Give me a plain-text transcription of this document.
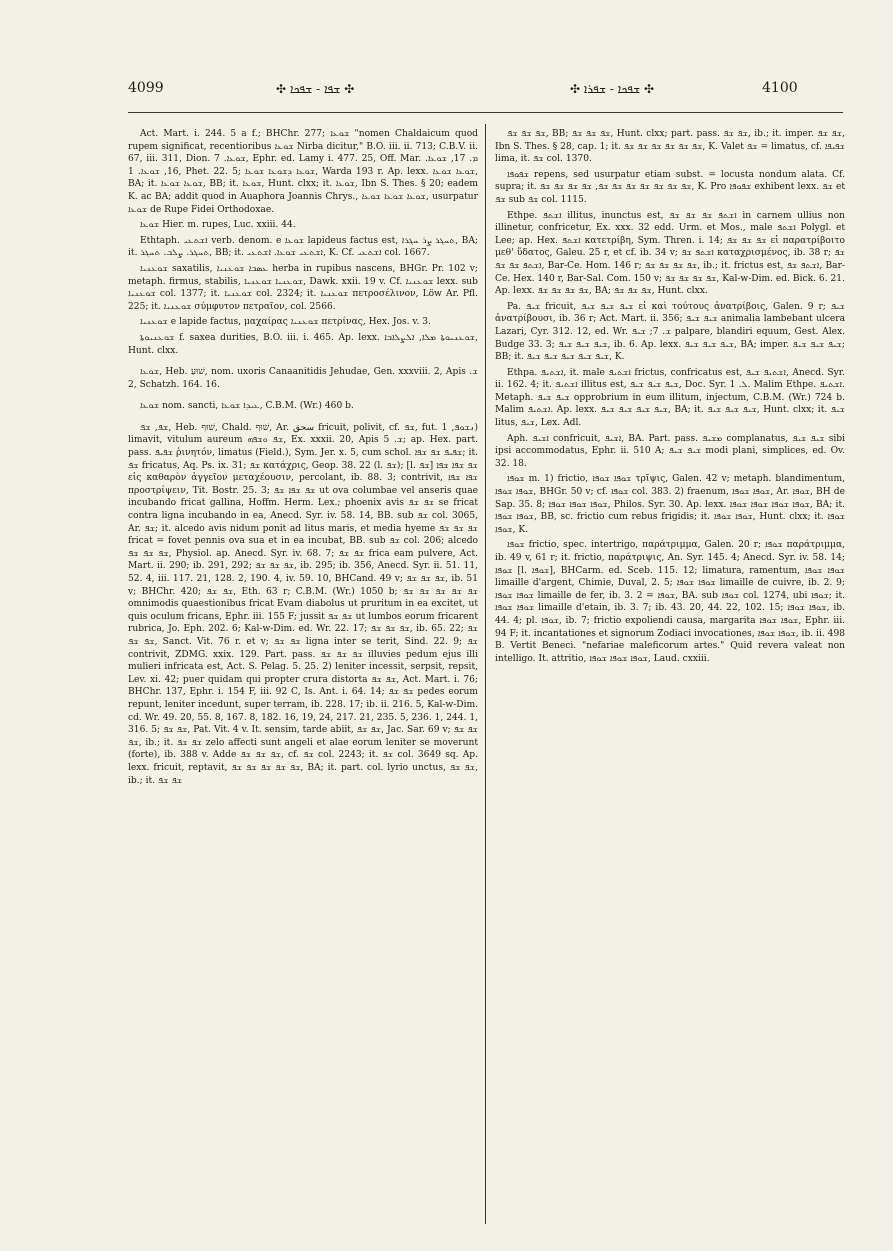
4099	✣ ܫܦܐ - ܫܦܟܐ ✣	✣ ܫܦܟܐ - ܫܦܪܐ ✣	4100

Act. Mart. i. 244. 5 a f.; BHChr. 277; ܫܘܥܐ "nomen Chaldaicum quod rupem significat, recentioribus ܫܘܥܐ Nirba dicitur," B.O. iii. ii. 713; C.B.V. ii. 67, iii. 311, Dion. ܫܘܥܐ. 7, Ephr. ed. Lamy i. 477. 25, Off. Mar. ܡ. 17, ܫܘܥܐ. 16, ܫܘܥܐ. 1, Phet. 22. 5; ܫܘܥܐ ܕܫܘܥܐ ܫܘܥܐ, Warda 193 r. Ap. lexx. ܫܘܥܐ ܫܘܥܐ, BA; it. ܫܘܥܐ ܫܘܥܐ, BB; it. ܫܘܥܐ, Hunt. clxx; it. ܫܘܥܐ, Ibn S. Thes. § 20; eadem K. ac BA; addit quod in Auaphora Joannis Chrys., ܫܘܥܐ ܫܘܥܐ ܫܘܥܐ, usurpatur ܫܘܥܐ de Rupe Fidei Orthodoxae.

ܫܘܥܐ Hier. m. rupes, Luc. xxiii. 44.

Ethtaph. ܐܫܬܥܝ verb. denom. e ܫܘܥܐ lapideus factus est, ܬܚܓܪ ܨܪ ܚܓܪܐ, BA; it. ܬܚܓܪ. ܨܠܒ. ܬܚܓܪ, BB; it. ܐܫܬܥܝ ܫܘܥܐ. ܐܫܬܥܝ, K. Cf. ܐܫܬܥܝ col. 1667.

ܫܘܥܢܝܐ saxatilis, ܥܣܒܐ ܫܘܥܢܝܐ herba in rupibus nascens, BHGr. Pr. 102 v; metaph. firmus, stabilis, ܫܘܥܢܝܐ ܫܘܥܢܝܐ, Dawk. xxii. 19 v. Cf. ܫܘܥܢܝܐ lexx. sub ܫܘܥܢܝܐ col. 1377; it. ܫܘܥܢܝܐ col. 2324; it. ܫܘܥܢܝܐ πετροσέλινον, Löw Ar. Pfl. 225; it. ܫܘܥܢܝܐ σύμφυτον πετραῖον, col. 2566.

ܫܘܥܢܝܐ e lapide factus, μαχαίρας ܫܘܥܢܝܐ πετρίνας, Hex. Jos. v. 3.

ܫܘܥܢܝܘܬܐ f. saxea durities, B.O. iii. i. 465. Ap. lexx. ܫܘܥܢܝܘܬܐ ܡܠܐ, ܐܠܨܠܐܒܐ, Hunt. clxx.

ܫܘܥܐ, Heb. שׁוּעַ, nom. uxoris Canaanitidis Jehudae, Gen. xxxviii. 2, Apis ܫ. 2, Schatzh. 164. 16.

ܫܘܥܐ nom. sancti, ܥܝܕܐ ܫܘܥܐ, C.B.M. (Wr.) 460 b.

ܫܦ, ܫܦ, Heb. שׁוּף, Chald. שׁוּף, Ar. سحق fricuit, polivit, cf. ܫܦ, fut. ܢܫܘܦ, 1) limavit, vitulum aureum ܫܦ ܘܫܦܗ, Ex. xxxii. 20, Apis ܫ. 5; ap. Hex. part. pass. ܫܦܝܦ ῥινητόν, limatus (Field.), Sym. Jer. x. 5, cum schol. ܫܦܝܦ ܫܦ ܫܦܐ; it. ܫܦ fricatus, Aq. Ps. ix. 31; ܫܦ κατάχρις, Geop. 38. 22 (l. ܫܦ); [l. ܫܦ] ܫܦ ܫܦܐ ܫܦܐ εἰς καθαρὸν ἀγγεῖον μεταχέουσιν, percolant, ib. 88. 3; contrivit, ܫܦܐ ܫܦܐ προστρίψειν, Tit. Bostr. 25. 3; ܫܦ ܫܦܐ ܫܦ ut ova columbae vel anseris quae incubando fricat gallina, Hoffm. Herm. Lex.; phoenix avis ܫܦ ܫܦ se fricat contra ligna incubando in ea, Anecd. Syr. iv. 58. 14, BB. sub ܫܦ col. 3065, Ar. ܫܦ; it. alcedo avis nidum ponit ad litus maris, et media hyeme ܫܦ ܫܦ ܫܦ fricat = fovet pennis ova sua et in ea incubat, BB. sub ܫܦ col. 206; alcedo ܫܦ ܫܦ ܫܦ, Physiol. ap. Anecd. Syr. iv. 68. 7; ܫܦ ܫܦ frica eam pulvere, Act. Mart. ii. 290; ib. 291, 292; ܫܦ ܫܦ ܫܦ, ib. 295; ib. 356, Anecd. Syr. ii. 51. 11, 52. 4, iii. 117. 21, 128. 2, 190. 4, iv. 59. 10, BHCand. 49 v; ܫܦ ܫܦ ܫܦ, ib. 51 v; BHChr. 420; ܫܦ ܫܦ, Eth. 63 r; C.B.M. (Wr.) 1050 b; ܫܦ ܫܦ ܫܦ ܫܦ ܫܦ omnimodis quaestionibus fricat Evam diabolus ut pruritum in ea excitet, ut quis oculum fricans, Ephr. iii. 155 F; jussit ܫܦ ܫܦ ut lumbos eorum fricarent rubrica, Jo. Eph. 202. 6; Kal-w-Dim. ed. Wr. 22. 17; ܫܦ ܫܦ ܫܦ, ib. 65. 22; ܫܦ ܫܦ ܫܦ, Sanct. Vit. 76 r. et v; ܫܦ ܫܦ ligna inter se terit, Sind. 22. 9; ܫܦ contrivit, ZDMG. xxix. 129. Part. pass. ܫܦ ܫܦ ܫܦ illuvies pedum ejus illi mulieri infricata est, Act. S. Pelag. 5. 25. 2) leniter incessit, serpsit, repsit, Lev. xi. 42; puer quidam qui propter crura distorta ܫܦ ܫܦ, Act. Mart. i. 76; BHChr. 137, Ephr. i. 154 F, iii. 92 C, Is. Ant. i. 64. 14; ܫܦ ܫܦ pedes eorum repunt, leniter incedunt, super terram, ib. 228. 17; ib. ii. 216. 5, Kal-w-Dim. cd. Wr. 49. 20, 55. 8, 167. 8, 182. 16, 19, 24, 217. 21, 235. 5, 236. 1, 244. 1, 316. 5; ܫܦ ܫܦ, Pat. Vit. 4 v. It. sensim, tarde abiit, ܫܦ ܫܦ, Jac. Sar. 69 v; ܫܦ ܫܦ ܫܦ, ib.; it. ܫܦ ܫܦ zelo affecti sunt angeli et alae eorum leniter se moverunt (forte), ib. 388 v. Adde ܫܦ ܫܦ ܫܦ, cf. ܫܦ col. 2243; it. ܫܦ col. 3649 sq. Ap. lexx. fricuit, reptavit, ܫܦ ܫܦ ܫܦ ܫܦ ܫܦ, BA; it. part. col. lyrio unctus, ܫܦ ܫܦ, ib.; it. ܫܦ ܫܦ

ܫܦ ܫܦ ܫܦ, BB; ܫܦ ܫܦ ܫܦ, Hunt. clxx; part. pass. ܫܦ ܫܦ, ib.; it. imper. ܫܦ ܫܦ, Ibn S. Thes. § 28, cap. 1; it. ܫܦ ܫܦ ܫܦ ܫܦ ܫܦ ܫܦ, K. Valet ܫܦ = limatus, cf. ܫܦܝܦܐ lima, it. ܫܦ col. 1370.

ܫܦܘܦܐ repens, sed usurpatur etiam subst. = locusta nondum alata. Cf. supra; it. ܫܦ ܫܦ ܫܦ ܫܦ ܫܦ ܫܦ ܫܦ, ܫܦ ܫܦ ܫܦ ܫܦ, K. Pro ܫܦܘܦܐ exhibent lexx. ܫܦ et ܫܦ sub ܫܦ col. 1115.

Ethpe. ܐܫܬܦ illitus, inunctus est, ܐܫܬܦ ܫܦ ܫܦ ܫܦ in carnem ullius non illinetur, confricetur, Ex. xxx. 32 edd. Urm. et Mos., male ܐܫܬܦ Polygl. et Lee; ap. Hex. ܐܫܬܦ κατετρίβη, Sym. Thren. i. 14; ܫܦ ܫܦ ܫܦ εἰ παρατρίβοιτο μεθ' ὕδατος, Galeu. 25 r, et cf. ib. 34 v; ܐܫܬܦ ܫܦ καταχρισμένος, ib. 38 r; ܫܦ ܐܫܬܦ ܫܦ ܫܦ, Bar-Ce. Hom. 146 r; ܫܦ ܫܦ ܫܦ ܫܦ, ib.; it. frictus est, ܐܫܬܦ ܫܦ, Bar-Ce. Hex. 140 r, Bar-Sal. Com. 150 v; ܫܦ ܫܦ ܫܦ ܫܦ, Kal-w-Dim. ed. Bick. 6. 21. Ap. lexx. ܫܦ ܫܦ ܫܦ ܫܦ, BA; ܫܦ ܫܦ ܫܦ, Hunt. clxx.

Pa. ܫܝܦ fricuit, ܫܝܦ ܫܝܦ ܫܝܦ εἰ καὶ τούτους ἀνατρίβοις, Galen. 9 r; ܫܝܦ ἀνατρίβουσι, ib. 36 r; Act. Mart. ii. 356; ܫܝܦ ܫܝܦ animalia lambebant ulcera Lazari, Cyr. 312. 12, ed. Wr. ܫ. 7; ܫܝܦ palpare, blandiri equum, Gest. Alex. Budge 33. 3; ܫܝܦ ܫܝܦ ܫܝܦ, ib. 6. Ap. lexx. ܫܝܦ ܫܝܦ ܫܝܦ, BA; imper. ܫܝܦ ܫܝܦ ܫܝܦ; BB; it. ܫܝܦ ܫܝܦ ܫܝܦ ܫܝܦ ܫܝܦ, K.

Ethpa. ܐܫܬܝܦ, it. male ܐܫܬܝܦ frictus, confricatus est, ܐܫܬܝܦ ܫܝܦ, Anecd. Syr. ii. 162. 4; it. ܐܫܬܝܦ illitus est, ܫܝܦ ܫܝܦ ܫܝܦ, Doc. Syr. ܠ. 1. Malim Ethpe. ܐܫܬܝܦ. Metaph. ܫܝܦ ܫܝܦ opprobrium in eum illitum, injectum, C.B.M. (Wr.) 724 b. Malim ܐܫܬܝܦ. Ap. lexx. ܫܝܦ ܫܝܦ ܫܝܦ ܫܝܦ, BA; it. ܫܝܦ ܫܝܦ ܫܝܦ, Hunt. clxx; it. ܫܝܦ litus, ܫܝܦ, Lex. Adl.

Aph. ܐܫܝܦ confricuit, ܐܫܝܦ, BA. Part. pass. ܡܫܝܦ complanatus, ܫܝܦ ܫܝܦ sibi ipsi accommodatus, Ephr. ii. 510 A; ܫܝܦ ܫܝܦ modi plani, simplices, ed. Ov. 32. 18.

ܫܘܦܐ m. 1) frictio, ܫܘܦܐ ܫܘܦܐ τρῖψις, Galen. 42 v; metaph. blandimentum, ܫܘܦܐ ܫܘܦܐ, BHGr. 50 v; cf. ܫܘܦܐ col. 383. 2) fraenum, ܫܘܦܐ ܫܘܦܐ, Ar. ܫܘܦܐ, BH de Sap. 35. 8; ܫܘܦܐ ܫܘܦܐ ܫܘܦܐ, Philos. Syr. 30. Ap. lexx. ܫܘܦܐ ܫܘܦܐ ܫܘܦܐ ܫܘܦܐ, BA; it. ܫܘܦܐ ܫܘܦܐ, BB, sc. frictio cum rebus frigidis; it. ܫܘܦܐ ܫܘܦܐ, Hunt. clxx; it. ܫܘܦܐ ܫܘܦܐ, K.

ܫܘܦܐ frictio, spec. intertrigo, παράτριμμα, Galen. 20 r; ܫܘܦܐ παράτριμμα, ib. 49 v, 61 r; it. frictio, παράτριψις, An. Syr. 145. 4; Anecd. Syr. iv. 58. 14; ܫܘܦܐ [l. ܫܘܦܐ], BHCarm. ed. Sceb. 115. 12; limatura, ramentum, ܫܘܦܐ ܫܘܦܐ limaille d'argent, Chimie, Duval, 2. 5; ܫܘܦܐ ܫܘܦܐ limaille de cuivre, ib. 2. 9; ܫܘܦܐ ܫܘܦܐ limaille de fer, ib. 3. 2 = ܫܘܦܐ, BA. sub ܫܘܦܐ col. 1274, ubi ܫܘܦܐ; it. ܫܘܦܐ ܫܘܦܐ limaille d'etain, ib. 3. 7; ib. 43. 20, 44. 22, 102. 15; ܫܘܦܐ ܫܘܦܐ, ib. 44. 4; pl. ܫܘܦܐ, ib. 7; frictio expoliendi causa, margarita ܫܘܦܐ ܫܘܦܐ, Ephr. iii. 94 F; it. incantationes et signorum Zodiaci invocationes, ܫܘܦܐ ܫܘܦܐ, ib. ii. 498 B. Vertit Beneci. "nefariae maleficorum artes." Quid revera valeat non intelligo. It. attritio, ܫܘܦܐ ܫܘܦܐ ܫܘܦܐ, Laud. cxxiii.
